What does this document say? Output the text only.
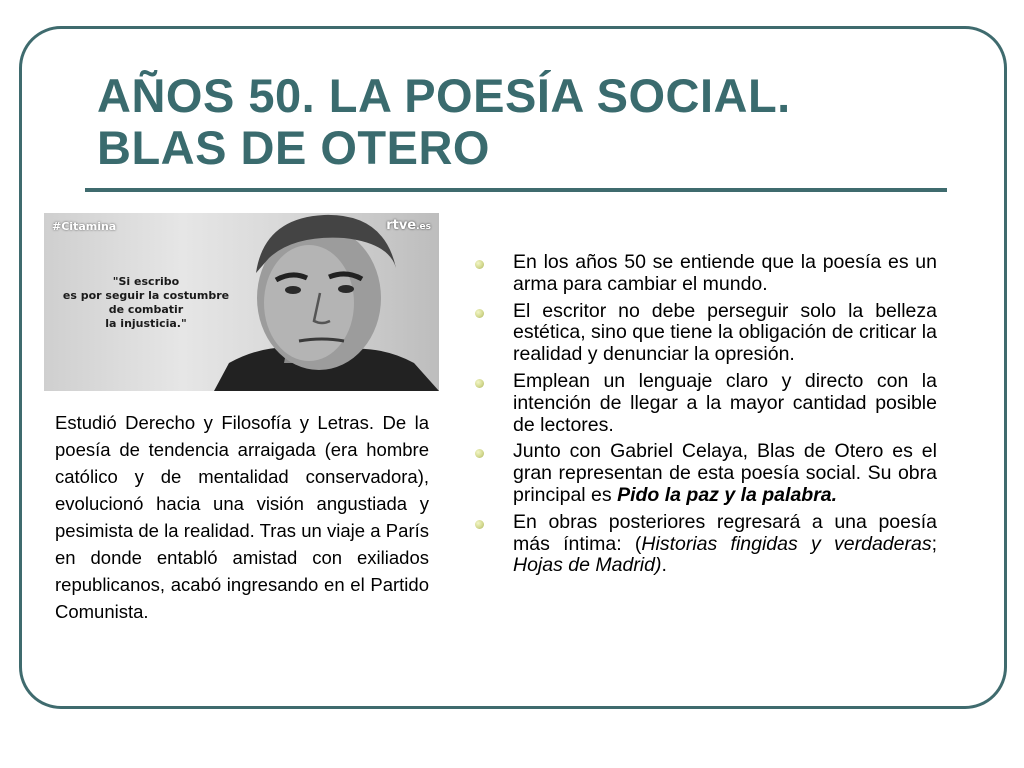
AÑOS 50. LA POESÍA SOCIAL.
BLAS DE OTERO
#Citamina	rtve.es
"Si escribo
es por seguir la costumbre
de combatir
la injusticia."

Estudió Derecho y Filosofía y Letras. De la poesía de tendencia arraigada (era hombre católico y de mentalidad conservadora), evolucionó hacia una visión angustiada y pesimista de la realidad. Tras un viaje a París en donde entabló amistad con exiliados republicanos, acabó ingresando en el Partido Comunista.

En los años 50 se entiende que la poesía es un arma para cambiar el mundo.
El escritor no debe perseguir solo la belleza estética, sino que tiene la obligación de criticar la realidad y denunciar la opresión.
Emplean un lenguaje claro y directo con la intención de llegar a la mayor cantidad posible de lectores.
Junto con Gabriel Celaya, Blas de Otero es el gran representan de esta poesía social. Su obra principal es Pido la paz y la palabra.
En obras posteriores regresará a una poesía más íntima: (Historias fingidas y verdaderas; Hojas de Madrid).
